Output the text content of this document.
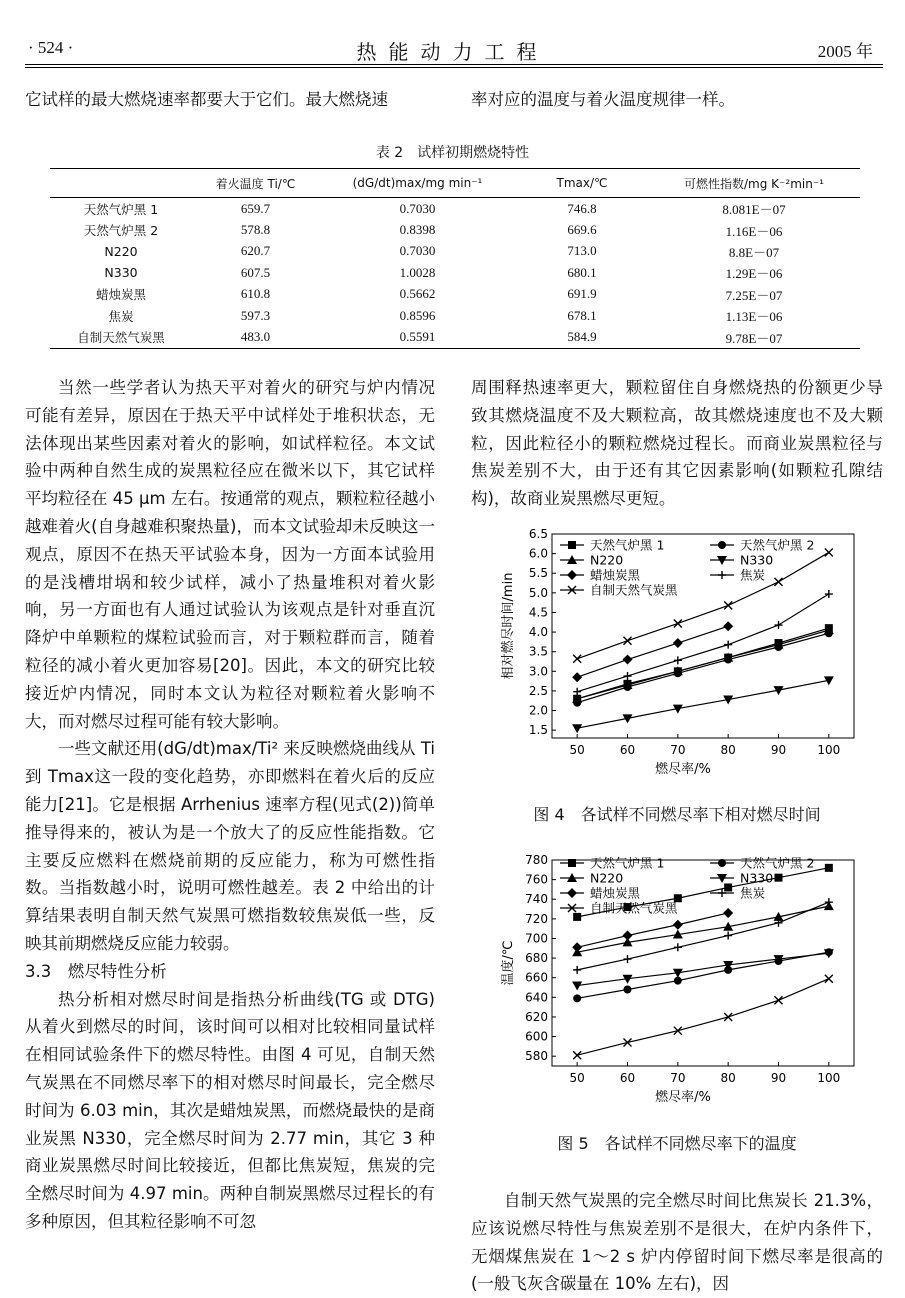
· 524 ·	热能动力工程	2005 年
它试样的最大燃烧速率都要大于它们。最大燃烧速	率对应的温度与着火温度规律一样。
表 2　试样初期燃烧特性
	着火温度 Ti/℃	(dG/dt)max/mg min⁻¹	Tmax/℃	可燃性指数/mg K⁻²min⁻¹
天然气炉黑 1	659.7	0.7030	746.8	8.081E－07
天然气炉黑 2	578.8	0.8398	669.6	1.16E－06
N220	620.7	0.7030	713.0	8.8E－07
N330	607.5	1.0028	680.1	1.29E－06
蜡烛炭黑	610.8	0.5662	691.9	7.25E－07
焦炭	597.3	0.8596	678.1	1.13E－06
自制天然气炭黑	483.0	0.5591	584.9	9.78E－07

当然一些学者认为热天平对着火的研究与炉内情况可能有差异，原因在于热天平中试样处于堆积状态，无法体现出某些因素对着火的影响，如试样粒径。本文试验中两种自然生成的炭黑粒径应在微米以下，其它试样平均粒径在 45 μm 左右。按通常的观点，颗粒粒径越小越难着火(自身越难积聚热量)，而本文试验却未反映这一观点，原因不在热天平试验本身，因为一方面本试验用的是浅槽坩埚和较少试样，减小了热量堆积对着火影响，另一方面也有人通过试验认为该观点是针对垂直沉降炉中单颗粒的煤粒试验而言，对于颗粒群而言，随着粒径的减小着火更加容易[20]。因此，本文的研究比较接近炉内情况，同时本文认为粒径对颗粒着火影响不大，而对燃尽过程可能有较大影响。

一些文献还用(dG/dt)max/Ti² 来反映燃烧曲线从 Ti 到 Tmax这一段的变化趋势，亦即燃料在着火后的反应能力[21]。它是根据 Arrhenius 速率方程(见式(2))简单推导得来的，被认为是一个放大了的反应性能指数。它主要反应燃料在燃烧前期的反应能力，称为可燃性指数。当指数越小时，说明可燃性越差。表 2 中给出的计算结果表明自制天然气炭黑可燃指数较焦炭低一些，反映其前期燃烧反应能力较弱。

3.3　燃尽特性分析

热分析相对燃尽时间是指热分析曲线(TG 或 DTG)从着火到燃尽的时间，该时间可以相对比较相同量试样在相同试验条件下的燃尽特性。由图 4 可见，自制天然气炭黑在不同燃尽率下的相对燃尽时间最长，完全燃尽时间为 6.03 min，其次是蜡烛炭黑，而燃烧最快的是商业炭黑 N330，完全燃尽时间为 2.77 min，其它 3 种商业炭黑燃尽时间比较接近，但都比焦炭短，焦炭的完全燃尽时间为 4.97 min。两种自制炭黑燃尽过程长的有多种原因，但其粒径影响不可忽

周围释热速率更大，颗粒留住自身燃烧热的份额更少导致其燃烧温度不及大颗粒高，故其燃烧速度也不及大颗粒，因此粒径小的颗粒燃烧过程长。而商业炭黑粒径与焦炭差别不大，由于还有其它因素影响(如颗粒孔隙结构)，故商业炭黑燃尽更短。

1.5
2.0
2.5
3.0
3.5
4.0
4.5
5.0
5.5
6.0
6.5
50	60	70	80	90	100
燃尽率/%
相对燃尽时间/min
天然气炉黑 1	天然气炉黑 2
N220	N330
蜡烛炭黑	焦炭
自制天然气炭黑
图 4　各试样不同燃尽率下相对燃尽时间
580
600
620
640
660
680
700
720
740
760
780
50	60	70	80	90	100
燃尽率/%
温度/℃
天然气炉黑 1	天然气炉黑 2
N220	N330
蜡烛炭黑	焦炭
自制天然气炭黑
图 5　各试样不同燃尽率下的温度

自制天然气炭黑的完全燃尽时间比焦炭长 21.3%，应该说燃尽特性与焦炭差别不是很大，在炉内条件下，无烟煤焦炭在 1～2 s 炉内停留时间下燃尽率是很高的(一般飞灰含碳量在 10% 左右)，因
